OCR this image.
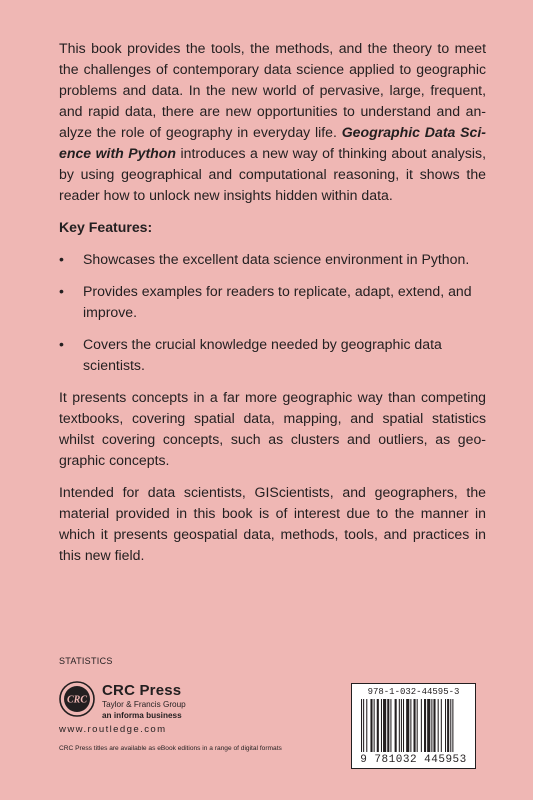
This book provides the tools, the methods, and the theory to meet the challenges of contemporary data science applied to geographic problems and data. In the new world of pervasive, large, frequent, and rapid data, there are new opportunities to understand and analyze the role of geography in everyday life. Geographic Data Science with Python introduces a new way of thinking about analysis, by using geographical and computational reasoning, it shows the reader how to unlock new insights hidden within data.

Key Features:

• Showcases the excellent data science environment in Python.
• Provides examples for readers to replicate, adapt, extend, and improve.
• Covers the crucial knowledge needed by geographic data scientists.

It presents concepts in a far more geographic way than competing textbooks, covering spatial data, mapping, and spatial statistics whilst covering concepts, such as clusters and outliers, as geographic concepts.

Intended for data scientists, GIScientists, and geographers, the material provided in this book is of interest due to the manner in which it presents geospatial data, methods, tools, and practices in this new field.

STATISTICS
CRC
CRC Press
Taylor & Francis Group
an informa business
www.routledge.com
CRC Press titles are available as eBook editions in a range of digital formats
978-1-032-44595-3
9 781032 445953
